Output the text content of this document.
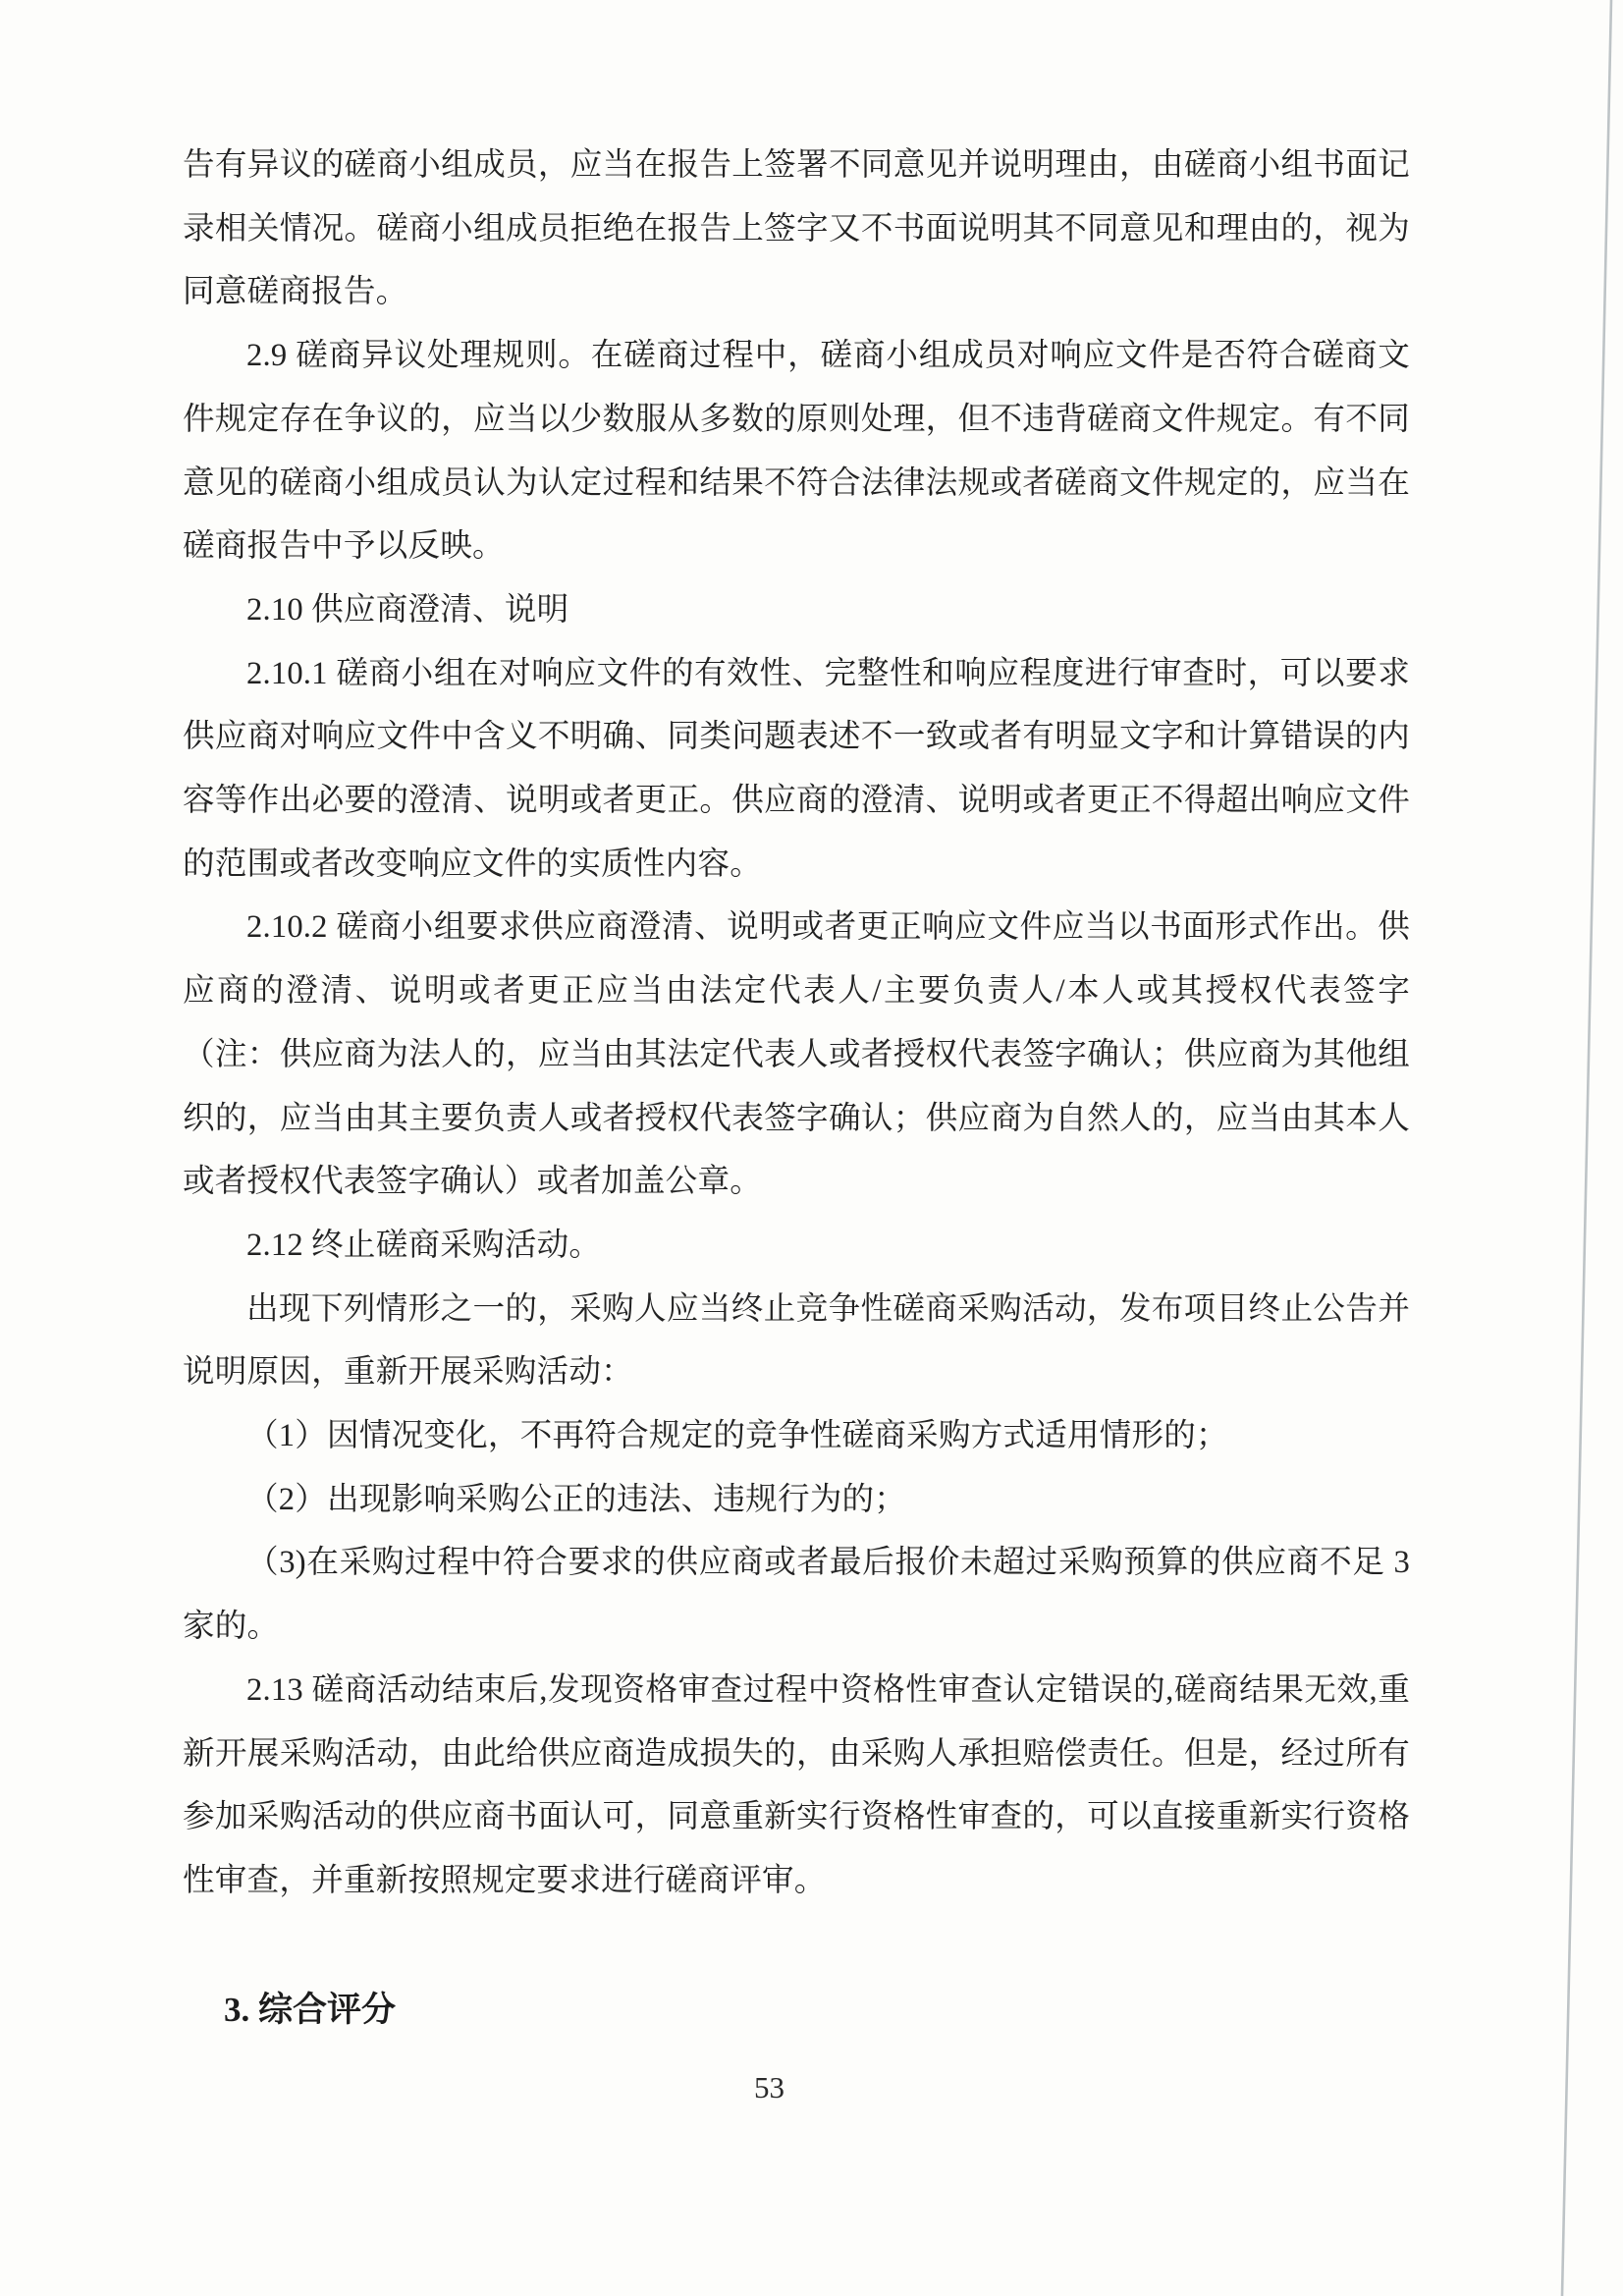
告有异议的磋商小组成员，应当在报告上签署不同意见并说明理由，由磋商小组书面记录相关情况。磋商小组成员拒绝在报告上签字又不书面说明其不同意见和理由的，视为同意磋商报告。

2.9 磋商异议处理规则。在磋商过程中，磋商小组成员对响应文件是否符合磋商文件规定存在争议的，应当以少数服从多数的原则处理，但不违背磋商文件规定。有不同意见的磋商小组成员认为认定过程和结果不符合法律法规或者磋商文件规定的，应当在磋商报告中予以反映。

2.10 供应商澄清、说明

2.10.1 磋商小组在对响应文件的有效性、完整性和响应程度进行审查时，可以要求供应商对响应文件中含义不明确、同类问题表述不一致或者有明显文字和计算错误的内容等作出必要的澄清、说明或者更正。供应商的澄清、说明或者更正不得超出响应文件的范围或者改变响应文件的实质性内容。

2.10.2 磋商小组要求供应商澄清、说明或者更正响应文件应当以书面形式作出。供应商的澄清、说明或者更正应当由法定代表人/主要负责人/本人或其授权代表签字（注：供应商为法人的，应当由其法定代表人或者授权代表签字确认；供应商为其他组织的，应当由其主要负责人或者授权代表签字确认；供应商为自然人的，应当由其本人或者授权代表签字确认）或者加盖公章。

2.12 终止磋商采购活动。

出现下列情形之一的，采购人应当终止竞争性磋商采购活动，发布项目终止公告并说明原因，重新开展采购活动：

（1）因情况变化，不再符合规定的竞争性磋商采购方式适用情形的；

（2）出现影响采购公正的违法、违规行为的；

（3)在采购过程中符合要求的供应商或者最后报价未超过采购预算的供应商不足 3 家的。

2.13 磋商活动结束后,发现资格审查过程中资格性审查认定错误的,磋商结果无效,重新开展采购活动，由此给供应商造成损失的，由采购人承担赔偿责任。但是，经过所有参加采购活动的供应商书面认可，同意重新实行资格性审查的，可以直接重新实行资格性审查，并重新按照规定要求进行磋商评审。

3. 综合评分
53
